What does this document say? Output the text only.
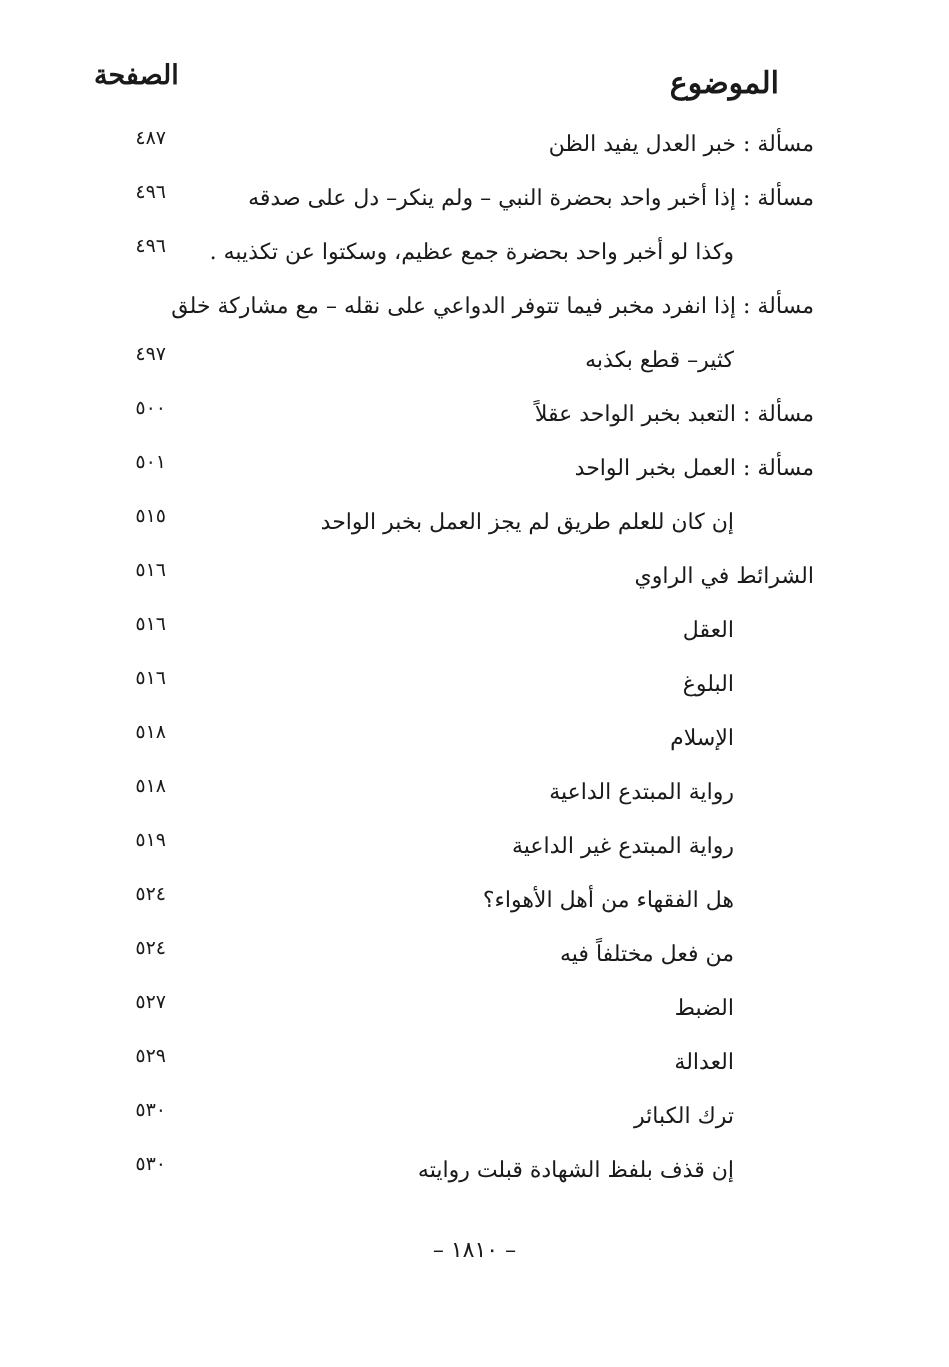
الموضوع
الصفحة
مسألة : خبر العدل يفيد الظن
٤٨٧
مسألة : إذا أخبر واحد بحضرة النبي – ولم ينكر– دل على صدقه
٤٩٦
وكذا لو أخبر واحد بحضرة جمع عظيم، وسكتوا عن تكذيبه .
٤٩٦
مسألة : إذا انفرد مخبر فيما تتوفر الدواعي على نقله – مع مشاركة خلق
كثير– قطع بكذبه
٤٩٧
مسألة : التعبد بخبر الواحد عقلاً
٥٠٠
مسألة : العمل بخبر الواحد
٥٠١
إن كان للعلم طريق لم يجز العمل بخبر الواحد
٥١٥
الشرائط في الراوي
٥١٦
العقل
٥١٦
البلوغ
٥١٦
الإسلام
٥١٨
رواية المبتدع الداعية
٥١٨
رواية المبتدع غير الداعية
٥١٩
هل الفقهاء من أهل الأهواء؟
٥٢٤
من فعل مختلفاً فيه
٥٢٤
الضبط
٥٢٧
العدالة
٥٢٩
ترك الكبائر
٥٣٠
إن قذف بلفظ الشهادة قبلت روايته
٥٣٠

– ١٨١٠ –
